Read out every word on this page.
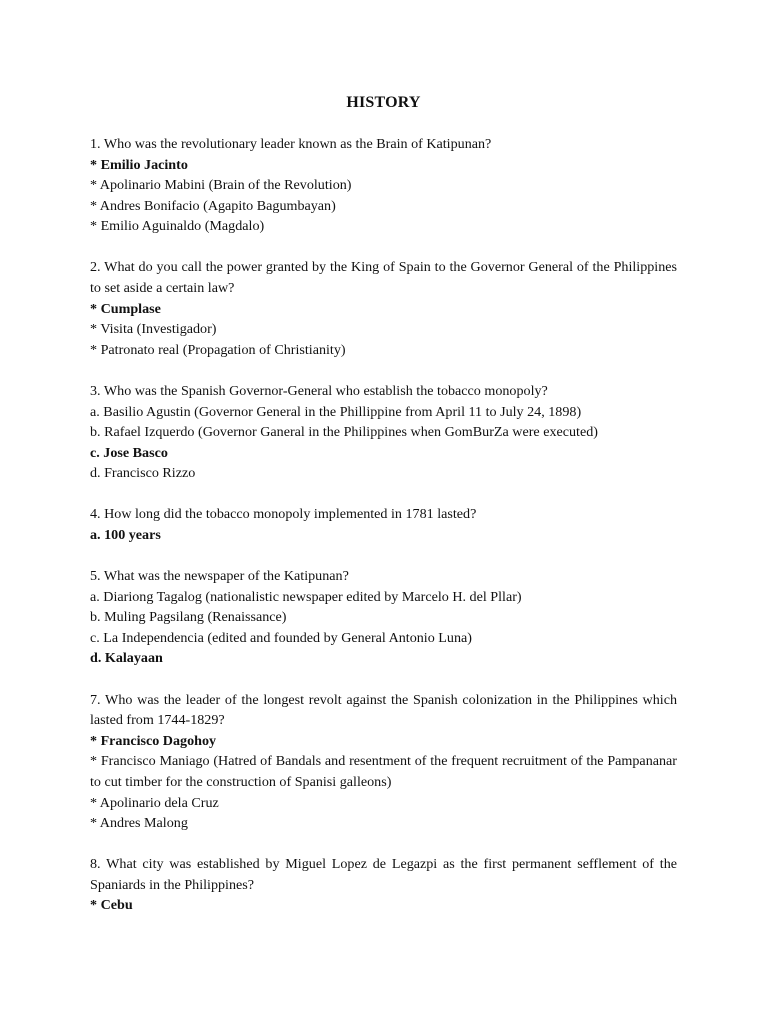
HISTORY

1. Who was the revolutionary leader known as the Brain of Katipunan?

* Emilio Jacinto

* Apolinario Mabini (Brain of the Revolution)

* Andres Bonifacio (Agapito Bagumbayan)

* Emilio Aguinaldo (Magdalo)

2. What do you call the power granted by the King of Spain to the Governor General of the Philippines to set aside a certain law?

* Cumplase

* Visita (Investigador)

* Patronato real (Propagation of Christianity)

3. Who was the Spanish Governor-General who establish the tobacco monopoly?

a. Basilio Agustin (Governor General in the Phillippine from April 11 to July 24, 1898)

b. Rafael Izquerdo (Governor Ganeral in the Philippines when GomBurZa were executed)

c. Jose Basco

d. Francisco Rizzo

4. How long did the tobacco monopoly implemented in 1781 lasted?

a. 100 years

5. What was the newspaper of the Katipunan?

a. Diariong Tagalog (nationalistic newspaper edited by Marcelo H. del Pllar)

b. Muling Pagsilang (Renaissance)

c. La Independencia (edited and founded by General Antonio Luna)

d. Kalayaan

7. Who was the leader of the longest revolt against the Spanish colonization in the Philippines which lasted from 1744-1829?

* Francisco Dagohoy

* Francisco Maniago (Hatred of Bandals and resentment of the frequent recruitment of the Pampananar to cut timber for the construction of Spanisi galleons)

* Apolinario dela Cruz

* Andres Malong

8. What city was established by Miguel Lopez de Legazpi as the first permanent sefflement of the Spaniards in the Philippines?

* Cebu
